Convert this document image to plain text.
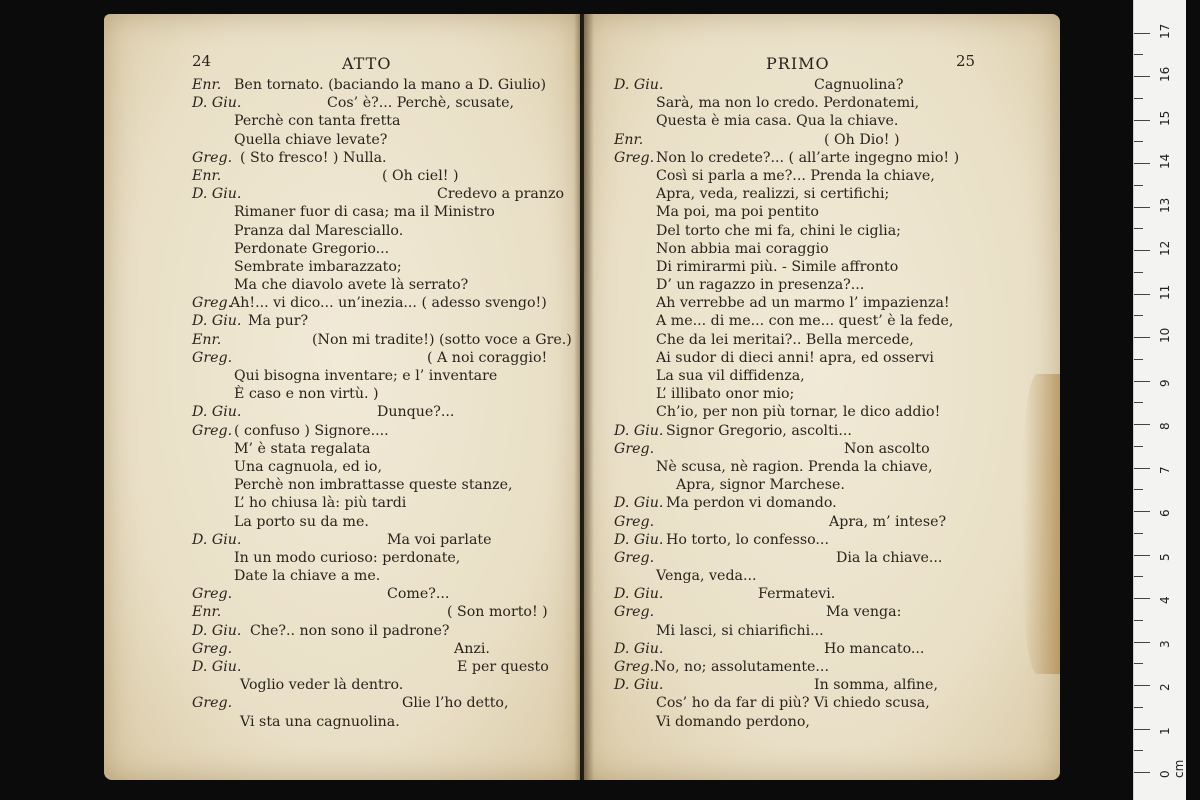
24	ATTO
Enr. Ben tornato. (baciando la mano a D. Giulio)
D. Giu.	Cos’ è?... Perchè, scusate,
Perchè con tanta fretta
Quella chiave levate?
Greg. ( Sto fresco! ) Nulla.
Enr.	( Oh ciel! )
D. Giu.	Credevo a pranzo
Rimaner fuor di casa; ma il Ministro
Pranza dal Maresciallo.
Perdonate Gregorio...
Sembrate imbarazzato;
Ma che diavolo avete là serrato?
Greg.
Ah!... vi dico... un’inezia... ( adesso svengo!)
D. Giu. Ma pur?
Enr.	(Non mi tradite!) (sotto voce a Gre.)
Greg.	( A noi coraggio!
Qui bisogna inventare; e l’ inventare
È caso e non virtù. )
D. Giu.	Dunque?...
Greg. ( confuso ) Signore....
M’ è stata regalata
Una cagnuola, ed io,
Perchè non imbrattasse queste stanze,
L’ ho chiusa là: più tardi
La porto su da me.
D. Giu.	Ma voi parlate
In un modo curioso: perdonate,
Date la chiave a me.
Greg.	Come?...
Enr.	( Son morto! )
D. Giu. Che?.. non sono il padrone?
Greg.	Anzi.
D. Giu.	E per questo
Voglio veder là dentro.
Greg.	Glie l’ho detto,
Vi sta una cagnuolina.
PRIMO	25
D. Giu.	Cagnuolina?
Sarà, ma non lo credo. Perdonatemi,
Questa è mia casa. Qua la chiave.
Enr.	( Oh Dio! )
Greg. Non lo credete?... ( all’arte ingegno mio! )
Così si parla a me?... Prenda la chiave,
Apra, veda, realizzi, si certifichi;
Ma poi, ma poi pentito
Del torto che mi fa, chini le ciglia;
Non abbia mai coraggio
Di rimirarmi più. - Simile affronto
D’ un ragazzo in presenza?...
Ah verrebbe ad un marmo l’ impazienza!
A me... di me... con me... quest’ è la fede,
Che da lei meritai?.. Bella mercede,
Ai sudor di dieci anni! apra, ed osservi
La sua vil diffidenza,
L’ illibato onor mio;
Ch’io, per non più tornar, le dico addio!
D. Giu. Signor Gregorio, ascolti...
Greg.	Non ascolto
Nè scusa, nè ragion. Prenda la chiave,
Apra, signor Marchese.
D. Giu. Ma perdon vi domando.
Greg.	Apra, m’ intese?
D. Giu. Ho torto, lo confesso...
Greg.	Dia la chiave...
Venga, veda...
D. Giu.	Fermatevi.
Greg.	Ma venga:
Mi lasci, si chiarifichi...
D. Giu.	Ho mancato...
Greg. No, no; assolutamente...
D. Giu.	In somma, alfine,
Cos’ ho da far di più? Vi chiedo scusa,
Vi domando perdono,
0 cm
1
2
3
4
5
6
7
8
9
10
11
12
13
14
15
16
17
